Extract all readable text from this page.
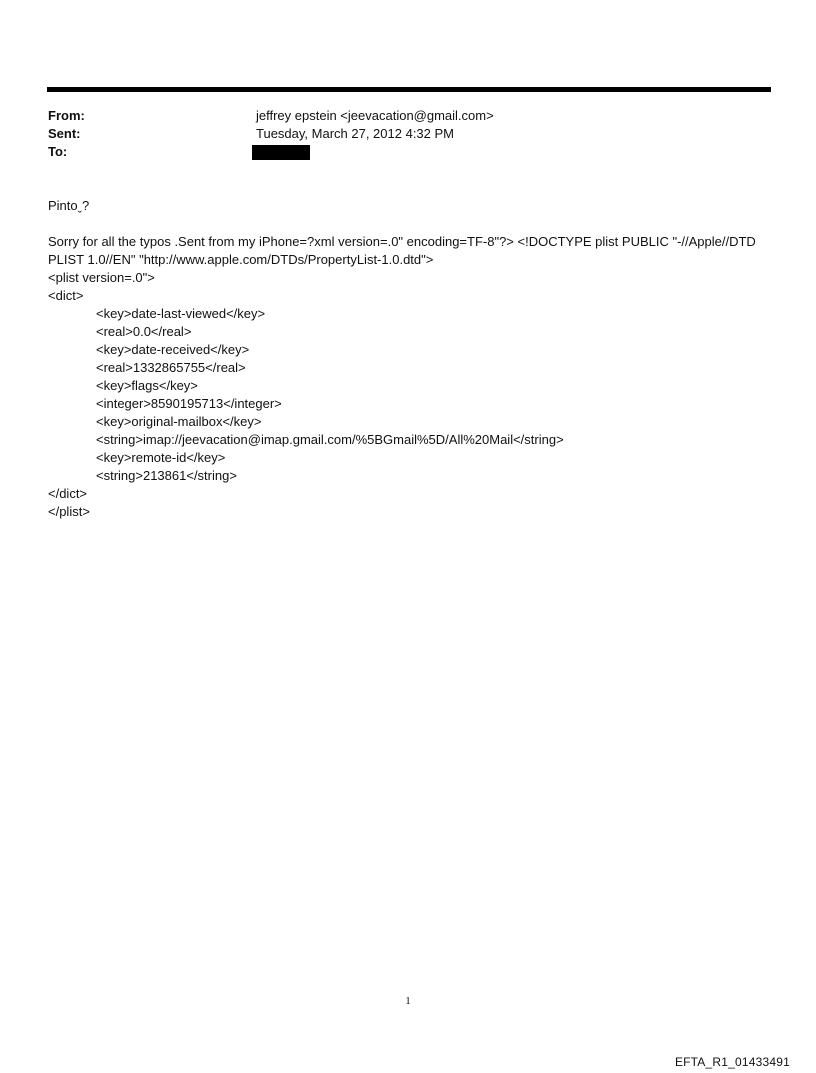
From:	jeffrey epstein <jeevacation@gmail.com>
Sent:	Tuesday, March 27, 2012 4:32 PM
To:

Pintoˬ?

Sorry for all the typos .Sent from my iPhone=?xml version=.0" encoding=TF-8"?> <!DOCTYPE plist PUBLIC "-//Apple//DTD PLIST 1.0//EN" "http://www.apple.com/DTDs/PropertyList-1.0.dtd">

<plist version=.0">
<dict>
<key>date-last-viewed</key>
<real>0.0</real>
<key>date-received</key>
<real>1332865755</real>
<key>flags</key>
<integer>8590195713</integer>
<key>original-mailbox</key>
<string>imap://jeevacation@imap.gmail.com/%5BGmail%5D/All%20Mail</string>
<key>remote-id</key>
<string>213861</string>
</dict>
</plist>
1
EFTA_R1_01433491
